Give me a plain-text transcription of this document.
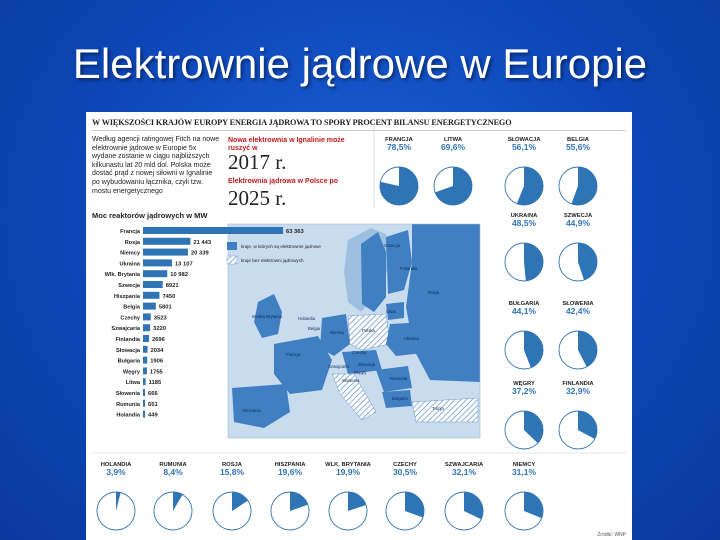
Elektrownie jądrowe w Europie
W WIĘKSZOŚCI KRAJÓW EUROPY ENERGIA JĄDROWA TO SPORY PROCENT BILANSU ENERGETYCZNEGO
Według agencji ratingowej Fitch na nowe elektrownie jądrowe w Europie 5x wydane zostanie w ciągu najbliższych kilkunastu lat 20 mld dol. Polska może dostać prąd z nowej siłowni w Ignalinie po wybudowaniu łącznika, czyli tzw. mostu energetycznego
Nowa elektrownia w Ignalinie może ruszyć w
2017 r.
Elektrownia jądrowa w Polsce po
2025 r.
Moc reaktorów jądrowych w MW
kraje, w których są elektrownie jądrowe
kraje bez elektrowni jądrowych
Finlandia
Szwecja
Rosja
Litwa
Wielka Brytania
Polska
Niemcy
Ukraina
Czechy
Słowacja
Francja
Szwajcaria
Węgry
Rumunia
Słowenia
Bułgaria
Hiszpania
Holandia
Belgia
Turcja
Francja	63 363
Rosja	21 443
Niemcy	20 339
Ukraina	13 107
Wlk. Brytania	10 982
Szwecja	8921
Hiszpania	7450
Belgia	5801
Czechy 3523
Szwajcaria 3220
Finlandia 2696
Słowacja 2034
Bułgaria 1906
Węgry 1755
Litwa 1185
Słowenia 666
Rumunia 651
Holandia 449
FRANCJA
78,5%
LITWA
69,6%
SŁOWACJA
56,1%
BELGIA
55,6%
UKRAINA
48,5%
SZWECJA
44,9%
BUŁGARIA
44,1%
SŁOWENIA
42,4%
WĘGRY
37,2%
FINLANDIA
32,9%
HOLANDIA
3,9%
RUMUNIA
8,4%
ROSJA
15,8%
HISZPANIA
19,6%
WLK. BRYTANIA
19,9%
CZECHY
30,5%
SZWAJCARIA
32,1%
NIEMCY
31,1%
Źródło: WNP
